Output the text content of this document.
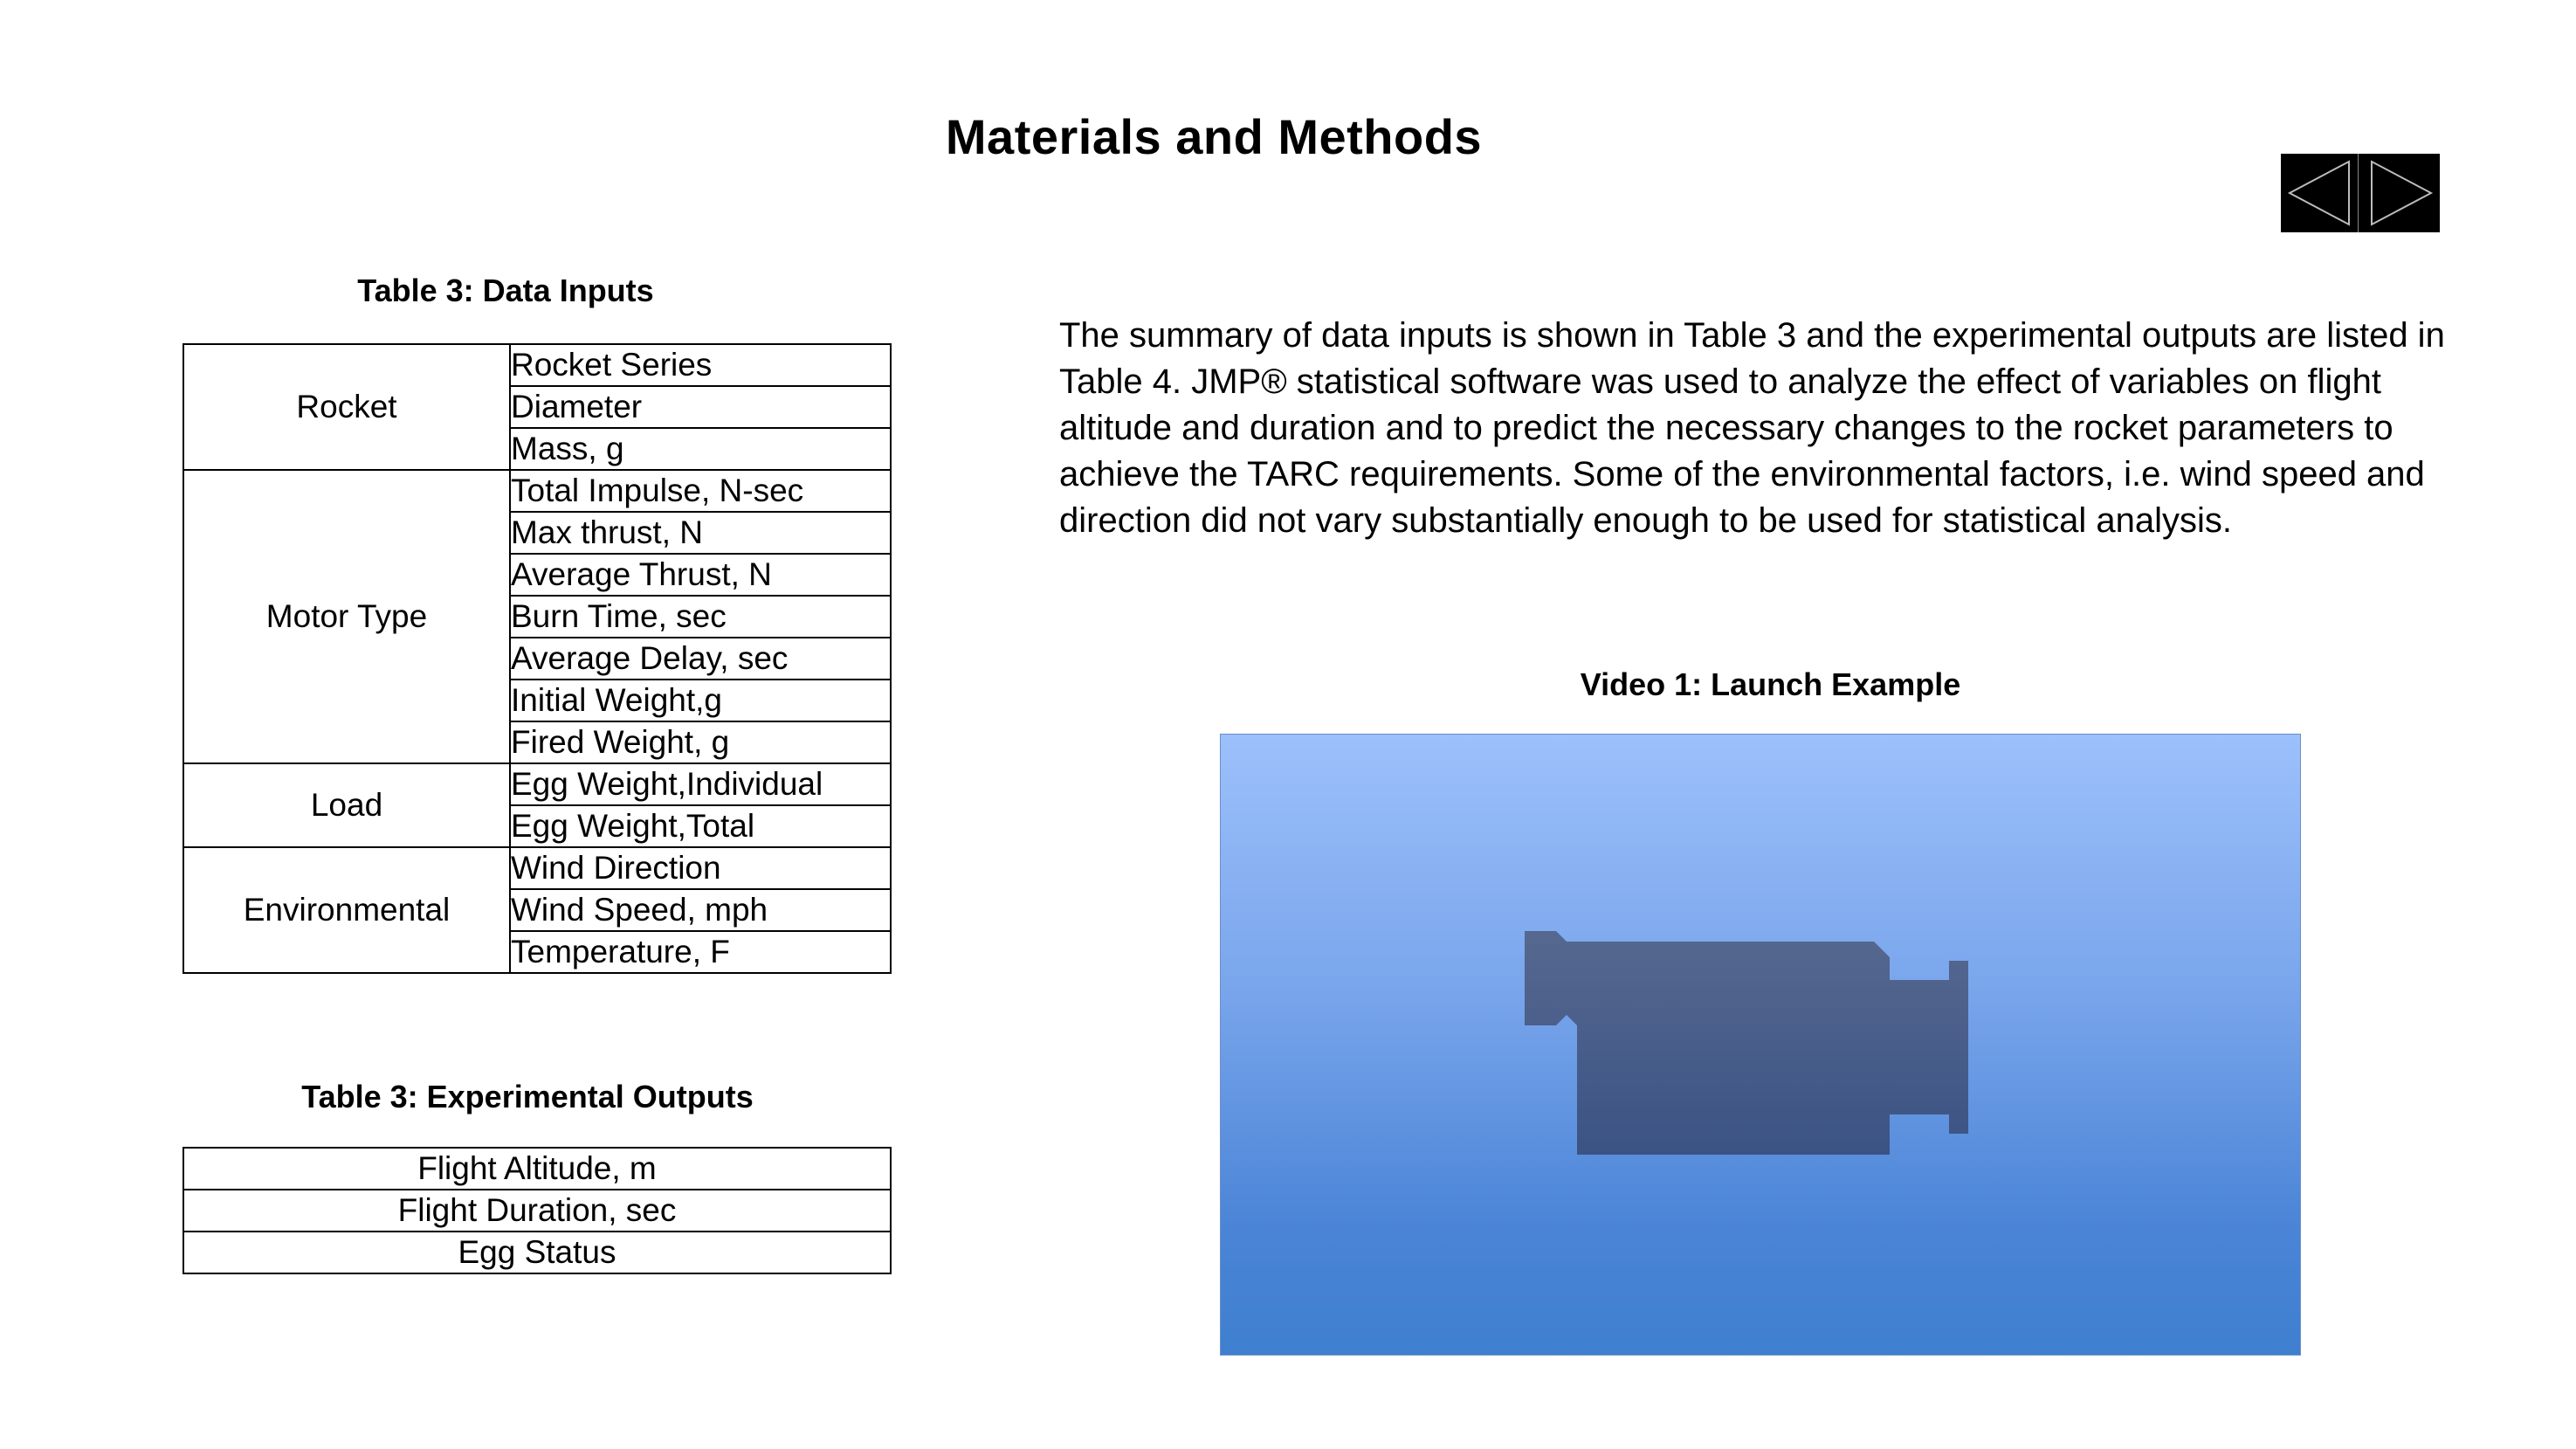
Materials and Methods
Table 3: Data Inputs
Rocket	Rocket Series
	Diameter
	Mass, g
Motor Type	Total Impulse, N-sec
	Max thrust, N
	Average Thrust, N
	Burn Time, sec
	Average Delay, sec
	Initial Weight,g
	Fired Weight, g
Load	Egg Weight,Individual
	Egg Weight,Total
Environmental	Wind Direction
	Wind Speed, mph
	Temperature, F
Table 3: Experimental Outputs
Flight Altitude, m
Flight Duration, sec
Egg Status
The summary of data inputs is shown in Table 3 and the experimental outputs are listed in Table 4. JMP® statistical software was used to analyze the effect of variables on flight altitude and duration and to predict the necessary changes to the rocket parameters to achieve the TARC requirements. Some of the environmental factors, i.e. wind speed and direction did not vary substantially enough to be used for statistical analysis.
Video 1: Launch Example
